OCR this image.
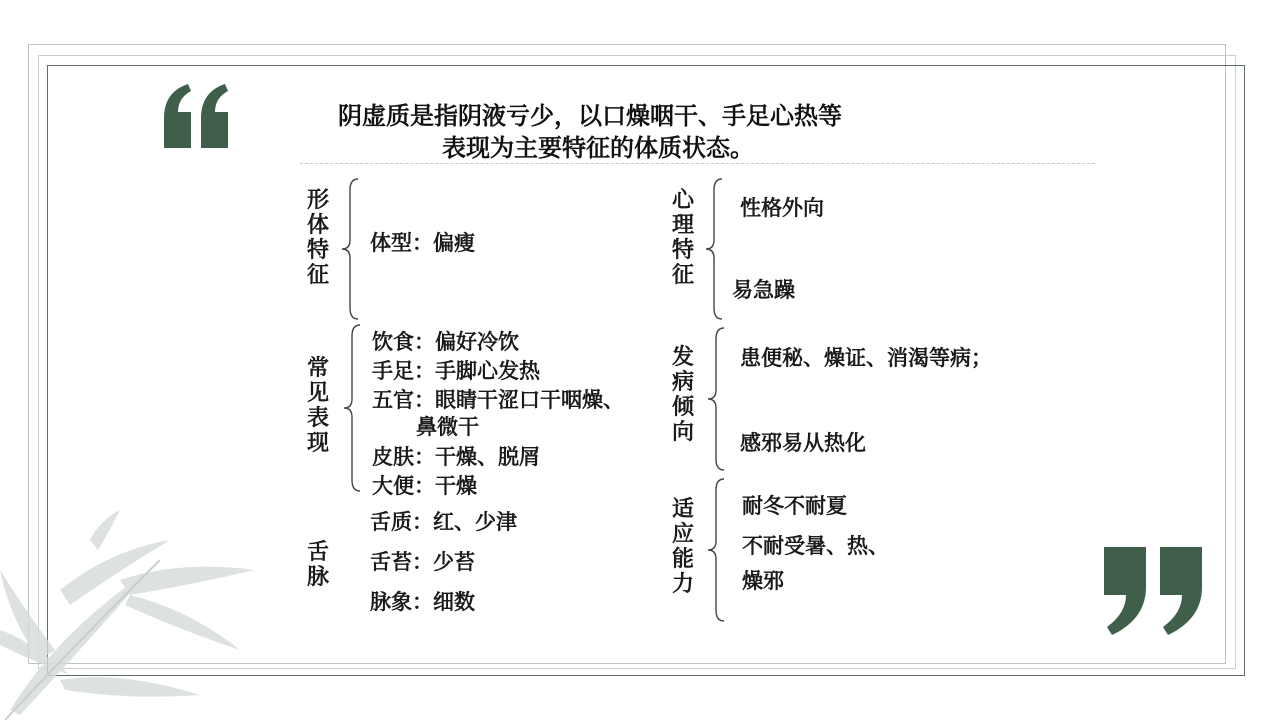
阴虚质是指阴液亏少，以口燥咽干、手足心热等
表现为主要特征的体质状态。
形体特征
体型：偏瘦
常见表现
饮食：偏好冷饮
手足：手脚心发热
五官：眼睛干涩口干咽燥、
鼻微干
皮肤：干燥、脱屑
大便：干燥
舌脉
舌质：红、少津
舌苔：少苔
脉象：细数
心理特征
性格外向
易急躁
发病倾向
患便秘、燥证、消渴等病；
感邪易从热化
适应能力
耐冬不耐夏
不耐受暑、热、
燥邪
